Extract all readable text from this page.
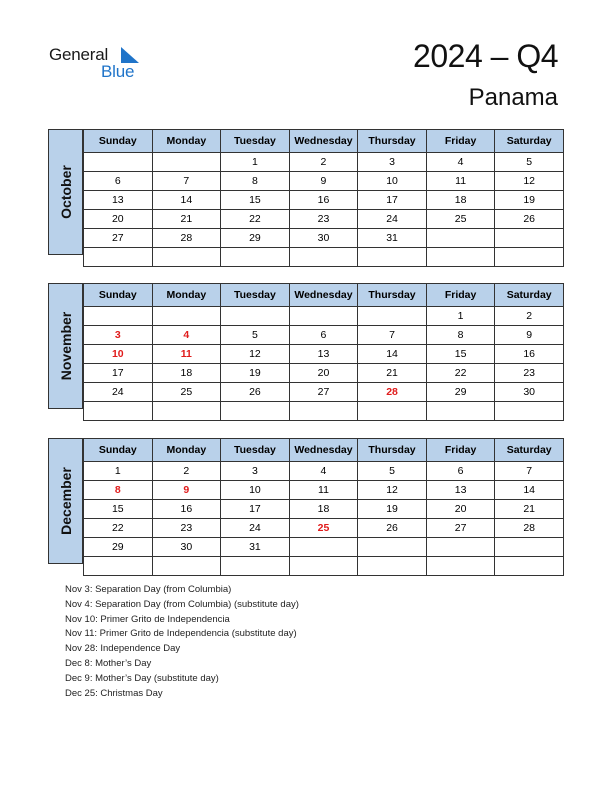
General
Blue	2024 – Q4
Panama
October
Sunday	Monday	Tuesday	Wednesday	Thursday	Friday	Saturday
		1	2	3	4	5
6	7	8	9	10	11	12
13	14	15	16	17	18	19
20	21	22	23	24	25	26
27	28	29	30	31		

November
Sunday	Monday	Tuesday	Wednesday	Thursday	Friday	Saturday
					1	2
3	4	5	6	7	8	9
10	11	12	13	14	15	16
17	18	19	20	21	22	23
24	25	26	27	28	29	30

December
Sunday	Monday	Tuesday	Wednesday	Thursday	Friday	Saturday
1	2	3	4	5	6	7
8	9	10	11	12	13	14
15	16	17	18	19	20	21
22	23	24	25	26	27	28
29	30	31				

Nov 3: Separation Day (from Columbia)
Nov 4: Separation Day (from Columbia) (substitute day)
Nov 10: Primer Grito de Independencia
Nov 11: Primer Grito de Independencia (substitute day)
Nov 28: Independence Day
Dec 8: Mother’s Day
Dec 9: Mother’s Day (substitute day)
Dec 25: Christmas Day
